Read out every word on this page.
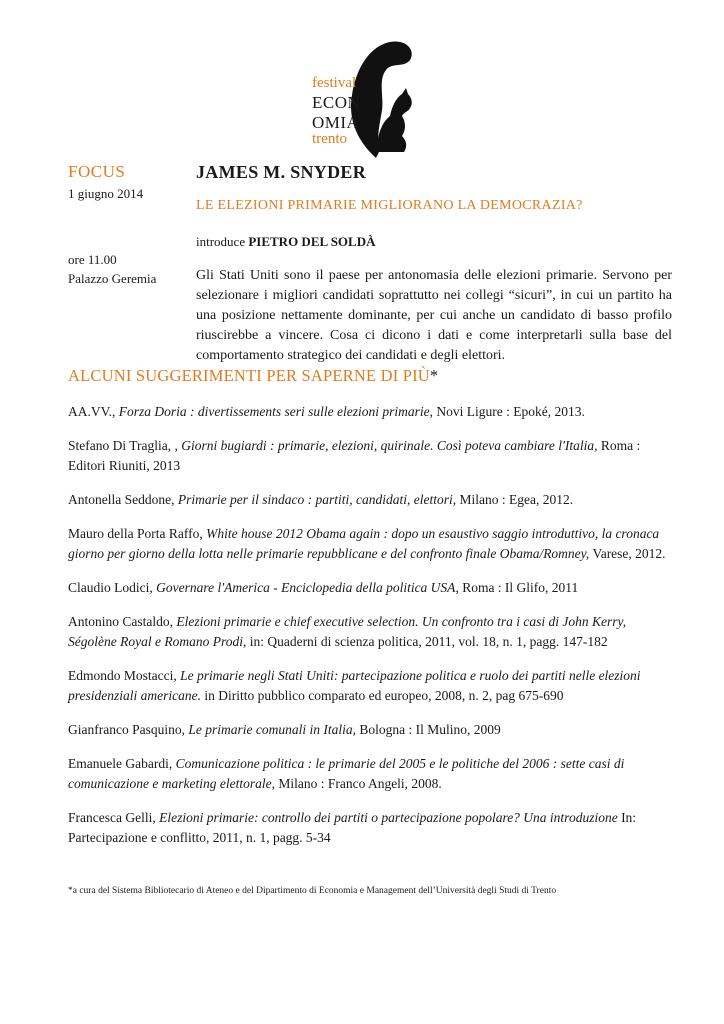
festival
ECON
OMIA
trento
FOCUS
1 giugno 2014
ore 11.00
Palazzo Geremia
JAMES M. SNYDER
LE ELEZIONI PRIMARIE MIGLIORANO LA DEMOCRAZIA?
introduce PIETRO DEL SOLDÀ
Gli Stati Uniti sono il paese per antonomasia delle elezioni primarie. Servono per selezionare i migliori candidati soprattutto nei collegi “sicuri”, in cui un partito ha una posizione nettamente dominante, per cui anche un candidato di basso profilo riuscirebbe a vincere. Cosa ci dicono i dati e come interpretarli sulla base del comportamento strategico dei candidati e degli elettori.
ALCUNI SUGGERIMENTI PER SAPERNE DI PIÙ*

AA.VV., Forza Doria : divertissements seri sulle elezioni primarie, Novi Ligure : Epoké, 2013.

Stefano Di Traglia, , Giorni bugiardi : primarie, elezioni, quirinale. Così poteva cambiare l'Italia, Roma : Editori Riuniti, 2013

Antonella Seddone, Primarie per il sindaco : partiti, candidati, elettori, Milano : Egea, 2012.

Mauro della Porta Raffo, White house 2012 Obama again : dopo un esaustivo saggio introduttivo, la cronaca giorno per giorno della lotta nelle primarie repubblicane e del confronto finale Obama/Romney, Varese, 2012.

Claudio Lodici, Governare l'America - Enciclopedia della politica USA, Roma : Il Glifo, 2011

Antonino Castaldo, Elezioni primarie e chief executive selection. Un confronto tra i casi di John Kerry, Ségolène Royal e Romano Prodi, in: Quaderni di scienza politica, 2011, vol. 18, n. 1, pagg. 147-182

Edmondo Mostacci, Le primarie negli Stati Uniti: partecipazione politica e ruolo dei partiti nelle elezioni presidenziali americane. in Diritto pubblico comparato ed europeo, 2008, n. 2, pag 675-690

Gianfranco Pasquino, Le primarie comunali in Italia, Bologna : Il Mulino, 2009

Emanuele Gabardi, Comunicazione politica : le primarie del 2005 e le politiche del 2006 : sette casi di comunicazione e marketing elettorale, Milano : Franco Angeli, 2008.

Francesca Gelli, Elezioni primarie: controllo dei partiti o partecipazione popolare? Una introduzione In: Partecipazione e conflitto, 2011, n. 1, pagg. 5-34

*a cura del Sistema Bibliotecario di Ateneo e del Dipartimento di Economia e Management dell’Università degli Studi di Trento
